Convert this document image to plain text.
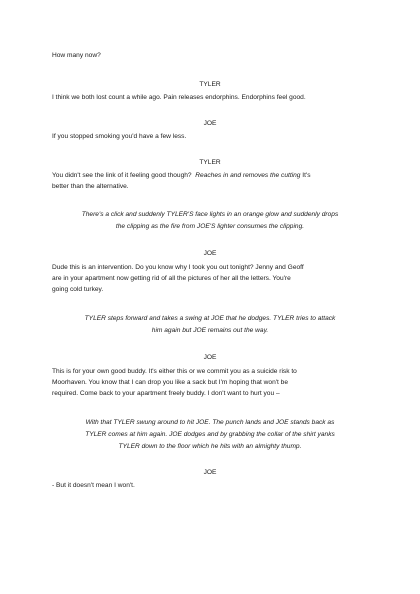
How many now?
TYLER
I think we both lost count a while ago. Pain releases endorphins. Endorphins feel good.
JOE
If you stopped smoking you'd have a few less.
TYLER
You didn't see the link of it feeling good though? Reaches in and removes the cutting It's
better than the alternative.
There's a click and suddenly TYLER'S face lights in an orange glow and suddenly drops
the clipping as the fire from JOE'S lighter consumes the clipping.
JOE
Dude this is an intervention. Do you know why I took you out tonight? Jenny and Geoff
are in your apartment now getting rid of all the pictures of her all the letters. You're
going cold turkey.
TYLER steps forward and takes a swing at JOE that he dodges. TYLER tries to attack
him again but JOE remains out the way.
JOE
This is for your own good buddy. It's either this or we commit you as a suicide risk to
Moorhaven. You know that I can drop you like a sack but I'm hoping that won't be
required. Come back to your apartment freely buddy. I don't want to hurt you –
With that TYLER swung around to hit JOE. The punch lands and JOE stands back as
TYLER comes at him again. JOE dodges and by grabbing the collar of the shirt yanks
TYLER down to the floor which he hits with an almighty thump.
JOE
- But it doesn't mean I won't.
